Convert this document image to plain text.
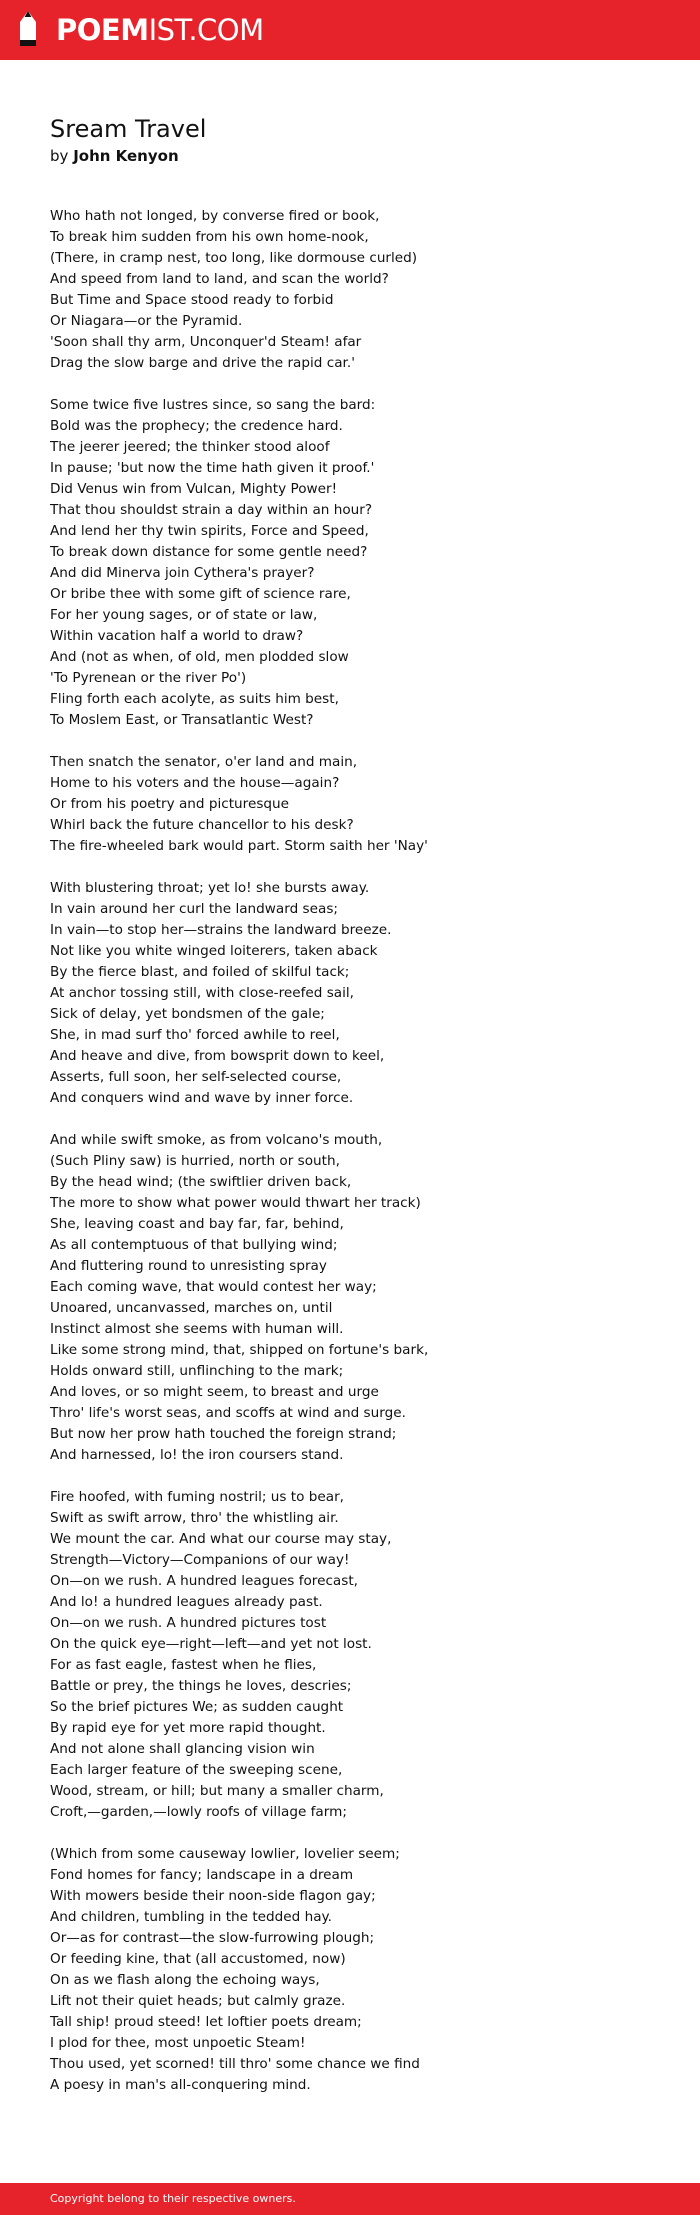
POEMIST.COM
Sream Travel
by John Kenyon
Who hath not longed, by converse fired or book,
To break him sudden from his own home-nook,
(There, in cramp nest, too long, like dormouse curled)
And speed from land to land, and scan the world?
But Time and Space stood ready to forbid
Or Niagara—or the Pyramid.
'Soon shall thy arm, Unconquer'd Steam! afar
Drag the slow barge and drive the rapid car.'
Some twice five lustres since, so sang the bard:
Bold was the prophecy; the credence hard.
The jeerer jeered; the thinker stood aloof
In pause; 'but now the time hath given it proof.'
Did Venus win from Vulcan, Mighty Power!
That thou shouldst strain a day within an hour?
And lend her thy twin spirits, Force and Speed,
To break down distance for some gentle need?
And did Minerva join Cythera's prayer?
Or bribe thee with some gift of science rare,
For her young sages, or of state or law,
Within vacation half a world to draw?
And (not as when, of old, men plodded slow
'To Pyrenean or the river Po')
Fling forth each acolyte, as suits him best,
To Moslem East, or Transatlantic West?
Then snatch the senator, o'er land and main,
Home to his voters and the house—again?
Or from his poetry and picturesque
Whirl back the future chancellor to his desk?
The fire-wheeled bark would part. Storm saith her 'Nay'
With blustering throat; yet lo! she bursts away.
In vain around her curl the landward seas;
In vain—to stop her—strains the landward breeze.
Not like you white winged loiterers, taken aback
By the fierce blast, and foiled of skilful tack;
At anchor tossing still, with close-reefed sail,
Sick of delay, yet bondsmen of the gale;
She, in mad surf tho' forced awhile to reel,
And heave and dive, from bowsprit down to keel,
Asserts, full soon, her self-selected course,
And conquers wind and wave by inner force.
And while swift smoke, as from volcano's mouth,
(Such Pliny saw) is hurried, north or south,
By the head wind; (the swiftlier driven back,
The more to show what power would thwart her track)
She, leaving coast and bay far, far, behind,
As all contemptuous of that bullying wind;
And fluttering round to unresisting spray
Each coming wave, that would contest her way;
Unoared, uncanvassed, marches on, until
Instinct almost she seems with human will.
Like some strong mind, that, shipped on fortune's bark,
Holds onward still, unflinching to the mark;
And loves, or so might seem, to breast and urge
Thro' life's worst seas, and scoffs at wind and surge.
But now her prow hath touched the foreign strand;
And harnessed, lo! the iron coursers stand.
Fire hoofed, with fuming nostril; us to bear,
Swift as swift arrow, thro' the whistling air.
We mount the car. And what our course may stay,
Strength—Victory—Companions of our way!
On—on we rush. A hundred leagues forecast,
And lo! a hundred leagues already past.
On—on we rush. A hundred pictures tost
On the quick eye—right—left—and yet not lost.
For as fast eagle, fastest when he flies,
Battle or prey, the things he loves, descries;
So the brief pictures We; as sudden caught
By rapid eye for yet more rapid thought.
And not alone shall glancing vision win
Each larger feature of the sweeping scene,
Wood, stream, or hill; but many a smaller charm,
Croft,—garden,—lowly roofs of village farm;
(Which from some causeway lowlier, lovelier seem;
Fond homes for fancy; landscape in a dream
With mowers beside their noon-side flagon gay;
And children, tumbling in the tedded hay.
Or—as for contrast—the slow-furrowing plough;
Or feeding kine, that (all accustomed, now)
On as we flash along the echoing ways,
Lift not their quiet heads; but calmly graze.
Tall ship! proud steed! let loftier poets dream;
I plod for thee, most unpoetic Steam!
Thou used, yet scorned! till thro' some chance we find
A poesy in man's all-conquering mind.
Copyright belong to their respective owners.
